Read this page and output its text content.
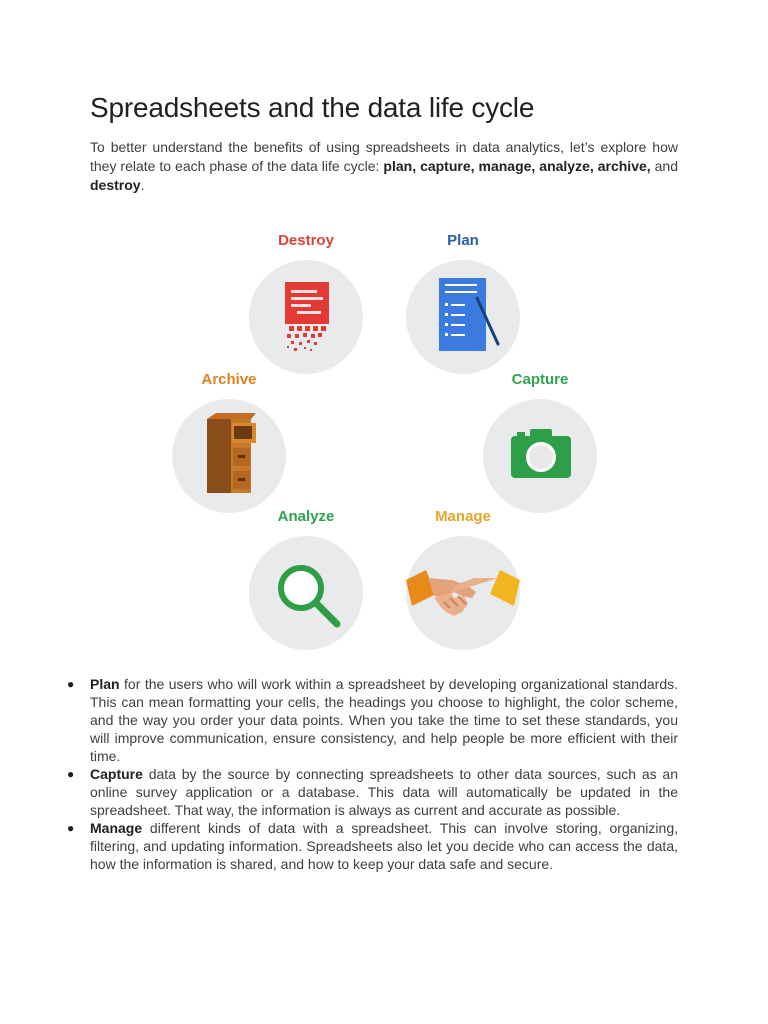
Spreadsheets and the data life cycle

To better understand the benefits of using spreadsheets in data analytics, let’s explore how they relate to each phase of the data life cycle: plan, capture, manage, analyze, archive, and destroy.

Destroy	Plan
Archive	Capture
Analyze	Manage
● Plan for the users who will work within a spreadsheet by developing organizational standards. This can mean formatting your cells, the headings you choose to highlight, the color scheme, and the way you order your data points. When you take the time to set these standards, you will improve communication, ensure consistency, and help people be more efficient with their time.
● Capture data by the source by connecting spreadsheets to other data sources, such as an online survey application or a database. This data will automatically be updated in the spreadsheet. That way, the information is always as current and accurate as possible.
● Manage different kinds of data with a spreadsheet. This can involve storing, organizing, filtering, and updating information. Spreadsheets also let you decide who can access the data, how the information is shared, and how to keep your data safe and secure.
